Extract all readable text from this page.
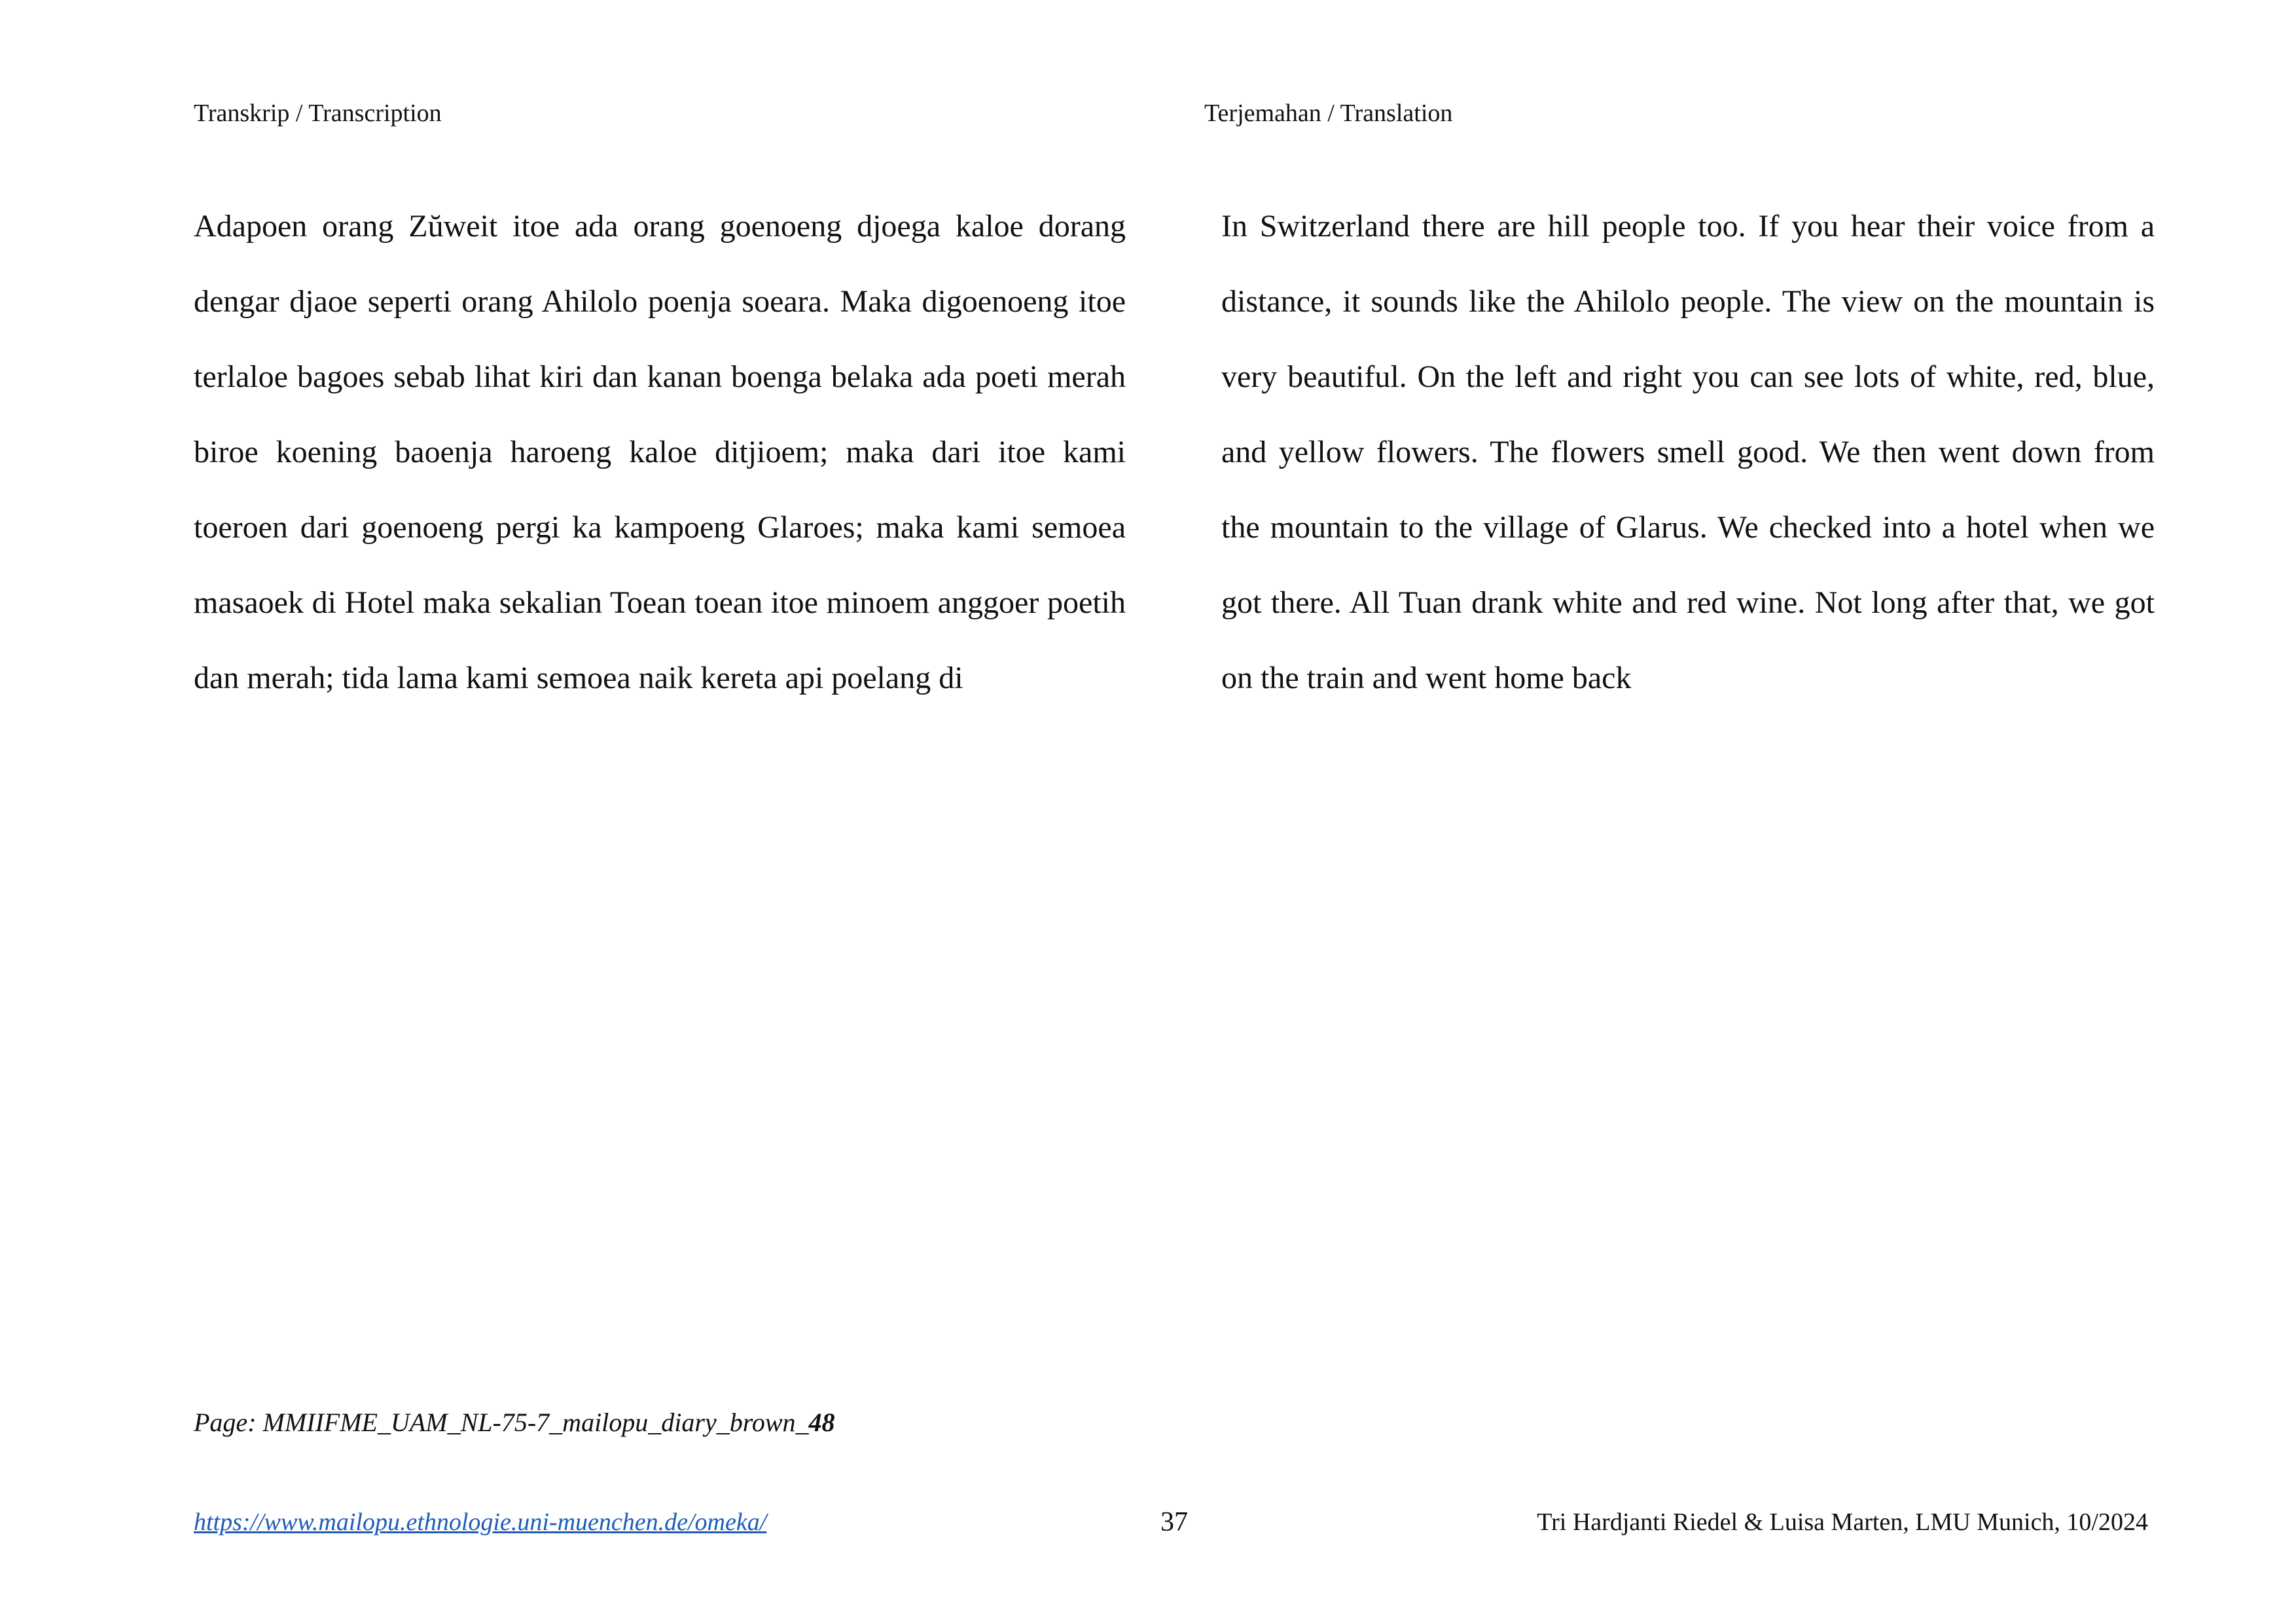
Transkrip / Transcription	Terjemahan / Translation

Adapoen orang Zŭweit itoe ada orang goenoeng djoega kaloe dorang dengar djaoe seperti orang Ahilolo poenja soeara. Maka digoenoeng itoe terlaloe bagoes sebab lihat kiri dan kanan boenga belaka ada poeti merah biroe koening baoenja haroeng kaloe ditjioem; maka dari itoe kami toeroen dari goenoeng pergi ka kampoeng Glaroes; maka kami semoea masaoek di Hotel maka sekalian Toean toean itoe minoem anggoer poetih dan merah; tida lama kami semoea naik kereta api poelang di

In Switzerland there are hill people too. If you hear their voice from a distance, it sounds like the Ahilolo people. The view on the mountain is very beautiful. On the left and right you can see lots of white, red, blue, and yellow flowers. The flowers smell good. We then went down from the mountain to the village of Glarus. We checked into a hotel when we got there. All Tuan drank white and red wine. Not long after that, we got on the train and went home back

Page: MMIIFME_UAM_NL-75-7_mailopu_diary_brown_48
https://www.mailopu.ethnologie.uni-muenchen.de/omeka/	37	Tri Hardjanti Riedel & Luisa Marten, LMU Munich, 10/2024
